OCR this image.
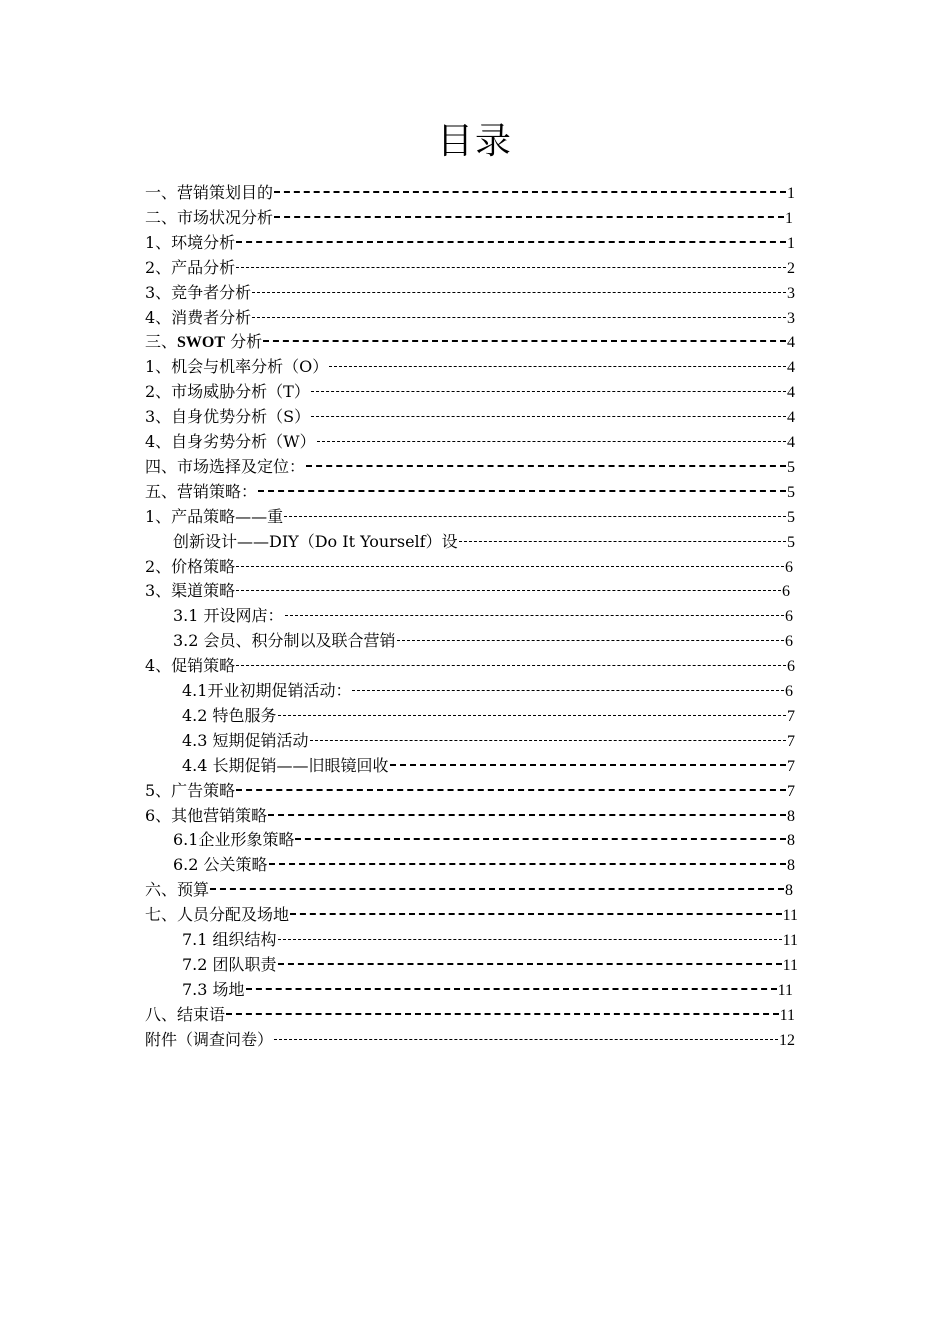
目录
一、营销策划目的	1
二、市场状况分析	1
1、环境分析	1
2、产品分析	2
3、竞争者分析	3
4、消费者分析	3
三、SWOT 分析	4
1、机会与机率分析（O）	4
2、市场威胁分析（T）	4
3、自身优势分析（S）	4
4、自身劣势分析（W）	4
四、市场选择及定位：	5
五、营销策略：	5
1、产品策略——重	5
创新设计——DIY（Do It Yourself）设	5
2、价格策略	6
3、渠道策略	6
3.1 开设网店：	6
3.2 会员、积分制以及联合营销	6
4、促销策略	6
4.1开业初期促销活动：	6
4.2 特色服务	7
4.3 短期促销活动	7
4.4 长期促销——旧眼镜回收	7
5、广告策略	7
6、其他营销策略	8
6.1企业形象策略	8
6.2 公关策略	8
六、预算	8
七、人员分配及场地	11
7.1 组织结构	11
7.2 团队职责	11
7.3 场地	11
八、结束语	11
附件（调查问卷）	12
